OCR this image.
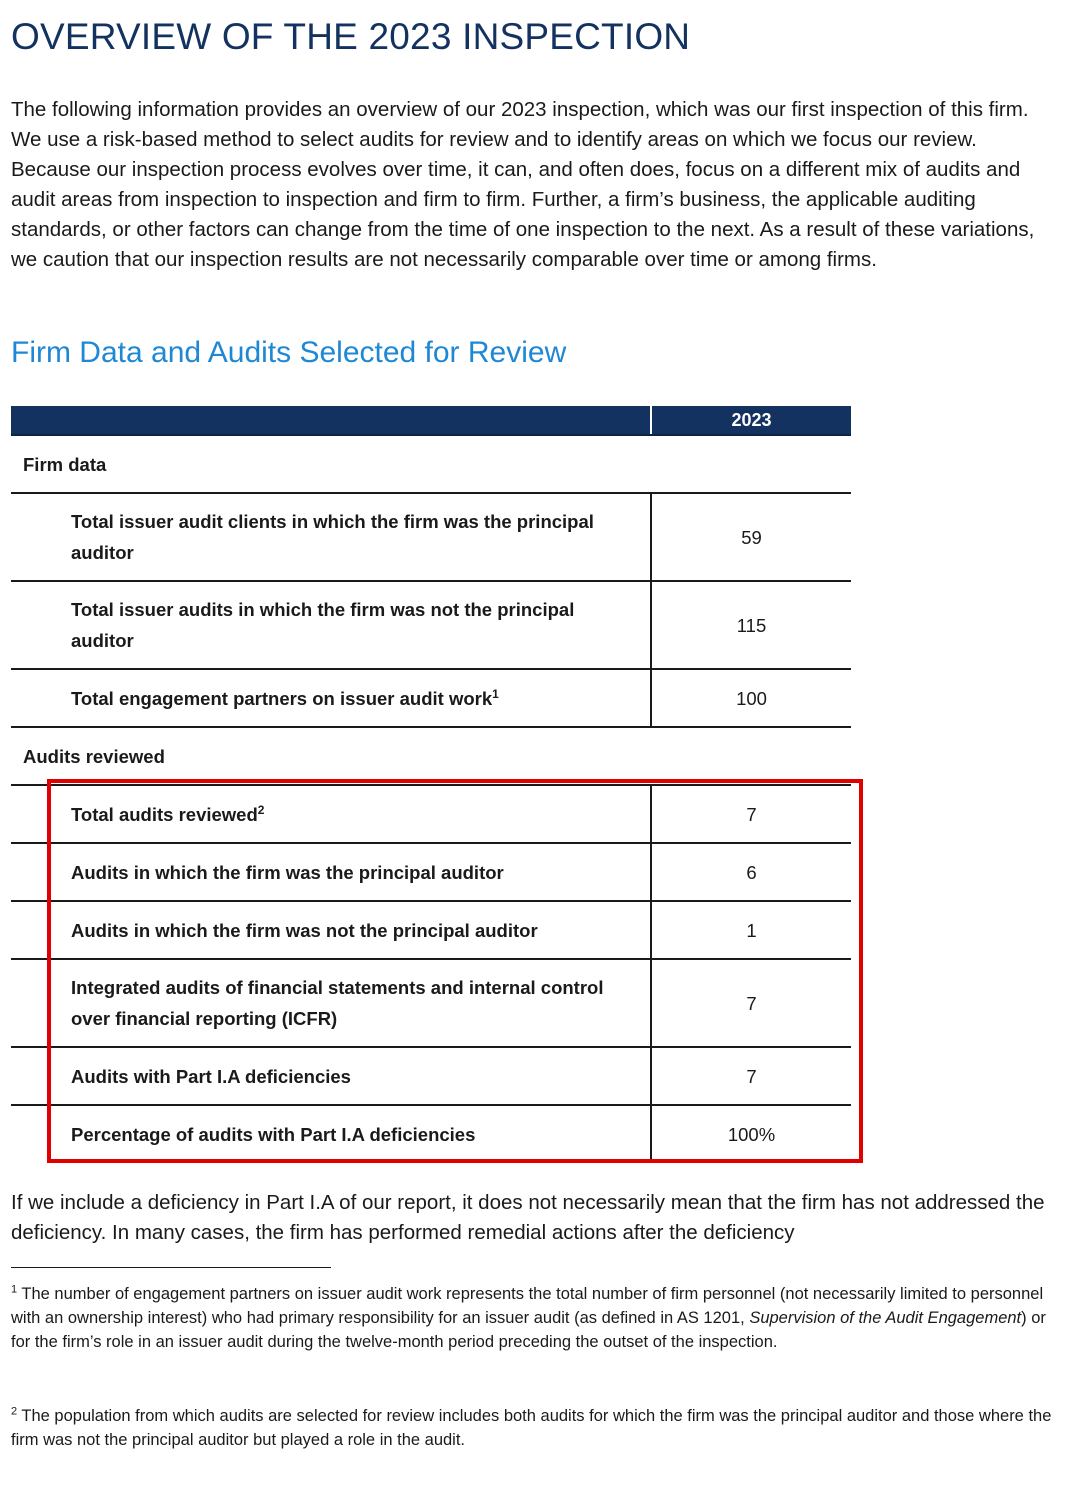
OVERVIEW OF THE 2023 INSPECTION

The following information provides an overview of our 2023 inspection, which was our first inspection of this firm. We use a risk-based method to select audits for review and to identify areas on which we focus our review. Because our inspection process evolves over time, it can, and often does, focus on a different mix of audits and audit areas from inspection to inspection and firm to firm. Further, a firm’s business, the applicable auditing standards, or other factors can change from the time of one inspection to the next. As a result of these variations, we caution that our inspection results are not necessarily comparable over time or among firms.

Firm Data and Audits Selected for Review
	2023
Firm data	
Total issuer audit clients in which the firm was the principal auditor	59
Total issuer audits in which the firm was not the principal auditor	115
Total engagement partners on issuer audit work$^1$	100
Audits reviewed	
Total audits reviewed$^2$	7
Audits in which the firm was the principal auditor	6
Audits in which the firm was not the principal auditor	1
Integrated audits of financial statements and internal control over financial reporting (ICFR)	7
Audits with Part I.A deficiencies	7
Percentage of audits with Part I.A deficiencies	100%

If we include a deficiency in Part I.A of our report, it does not necessarily mean that the firm has not addressed the deficiency. In many cases, the firm has performed remedial actions after the deficiency

$^1$ The number of engagement partners on issuer audit work represents the total number of firm personnel (not necessarily limited to personnel with an ownership interest) who had primary responsibility for an issuer audit (as defined in AS 1201, Supervision of the Audit Engagement) or for the firm’s role in an issuer audit during the twelve-month period preceding the outset of the inspection.

$^2$ The population from which audits are selected for review includes both audits for which the firm was the principal auditor and those where the firm was not the principal auditor but played a role in the audit.
